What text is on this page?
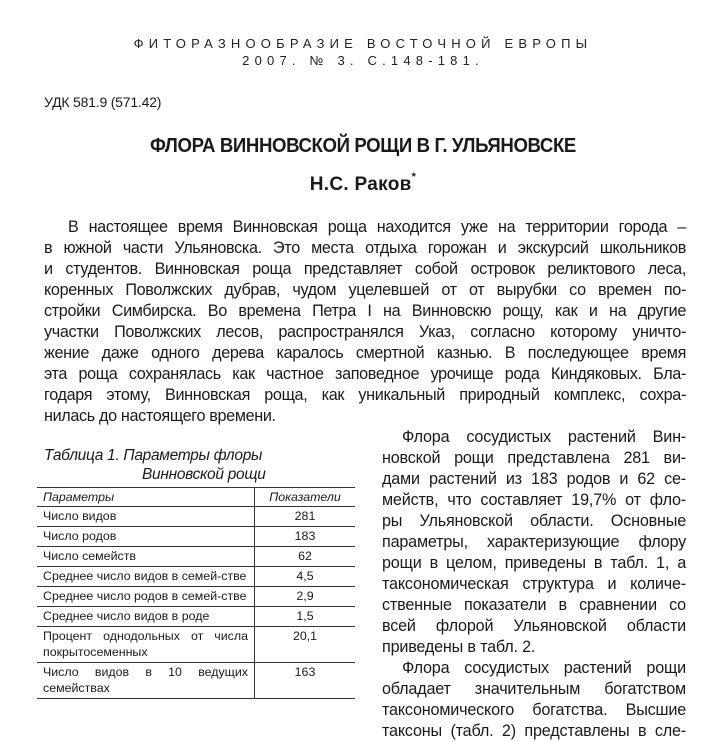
ФИТОРАЗНООБРАЗИЕ ВОСТОЧНОЙ ЕВРОПЫ
2007. № 3. С.148-181.
УДК 581.9 (571.42)
ФЛОРА ВИННОВСКОЙ РОЩИ В Г. УЛЬЯНОВСКЕ
Н.С. Раков*
В настоящее время Винновская роща находится уже на территории города –
в южной части Ульяновска. Это места отдыха горожан и экскурсий школьников
и студентов. Винновская роща представляет собой островок реликтового леса,
коренных Поволжских дубрав, чудом уцелевшей от от вырубки со времен по-
стройки Симбирска. Во времена Петра I на Винновскю рощу, как и на другие
участки Поволжских лесов, распространялся Указ, согласно которому уничто-
жение даже одного дерева каралось смертной казнью. В последующее время
эта роща сохранялась как частное заповедное урочище рода Киндяковых. Бла-
годаря этому, Винновская роща, как уникальный природный комплекс, сохра-
нилась до настоящего времени.
Таблица 1. Параметры флоры
Винновской рощи
Параметры	Показатели
Число видов	281
Число родов	183
Число семейств	62
Среднее число видов в семей-стве	4,5
Среднее число родов в семей-стве	2,9
Среднее число видов в роде	1,5
Процент однодольных от числа покрытосеменных	20,1
Число видов в 10 ведущих семействах	163
Флора сосудистых растений Вин-
новской рощи представлена 281 ви-
дами растений из 183 родов и 62 се-
мейств, что составляет 19,7% от фло-
ры Ульяновской области. Основные
параметры, характеризующие флору
рощи в целом, приведены в табл. 1, а
таксономическая структура и количе-
ственные показатели в сравнении со
всей флорой Ульяновской области
приведены в табл. 2.
Флора сосудистых растений рощи
обладает значительным богатством
таксономического богатства. Высшие
таксоны (табл. 2) представлены в сле-
